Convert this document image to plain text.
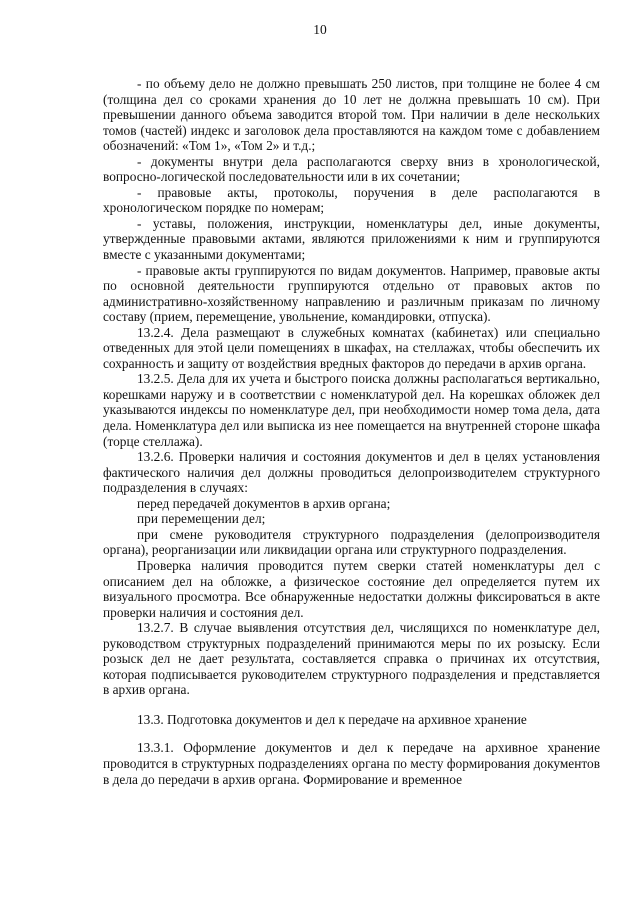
10

- по объему дело не должно превышать 250 листов, при толщине не более 4 см (толщина дел со сроками хранения до 10 лет не должна превышать 10 см). При превышении данного объема заводится второй том. При наличии в деле нескольких томов (частей) индекс и заголовок дела проставляются на каждом томе с добавлением обозначений: «Том 1», «Том 2» и т.д.;

- документы внутри дела располагаются сверху вниз в хронологической, вопросно-логической последовательности или в их сочетании;

- правовые акты, протоколы, поручения в деле располагаются в хронологическом порядке по номерам;

- уставы, положения, инструкции, номенклатуры дел, иные документы, утвержденные правовыми актами, являются приложениями к ним и группируются вместе с указанными документами;

- правовые акты группируются по видам документов. Например, правовые акты по основной деятельности группируются отдельно от правовых актов по административно-хозяйственному направлению и различным приказам по личному составу (прием, перемещение, увольнение, командировки, отпуска).

13.2.4. Дела размещают в служебных комнатах (кабинетах) или специально отведенных для этой цели помещениях в шкафах, на стеллажах, чтобы обеспечить их сохранность и защиту от воздействия вредных факторов до передачи в архив органа.

13.2.5. Дела для их учета и быстрого поиска должны располагаться вертикально, корешками наружу и в соответствии с номенклатурой дел. На корешках обложек дел указываются индексы по номенклатуре дел, при необходимости номер тома дела, дата дела. Номенклатура дел или выписка из нее помещается на внутренней стороне шкафа (торце стеллажа).

13.2.6. Проверки наличия и состояния документов и дел в целях установления фактического наличия дел должны проводиться делопроизводителем структурного подразделения в случаях:

перед передачей документов в архив органа;

при перемещении дел;

при смене руководителя структурного подразделения (делопроизводителя органа), реорганизации или ликвидации органа или структурного подразделения.

Проверка наличия проводится путем сверки статей номенклатуры дел с описанием дел на обложке, а физическое состояние дел определяется путем их визуального просмотра. Все обнаруженные недостатки должны фиксироваться в акте проверки наличия и состояния дел.

13.2.7. В случае выявления отсутствия дел, числящихся по номенклатуре дел, руководством структурных подразделений принимаются меры по их розыску. Если розыск дел не дает результата, составляется справка о причинах их отсутствия, которая подписывается руководителем структурного подразделения и представляется в архив органа.

13.3. Подготовка документов и дел к передаче на архивное хранение

13.3.1. Оформление документов и дел к передаче на архивное хранение проводится в структурных подразделениях органа по месту формирования документов в дела до передачи в архив органа. Формирование и временное
